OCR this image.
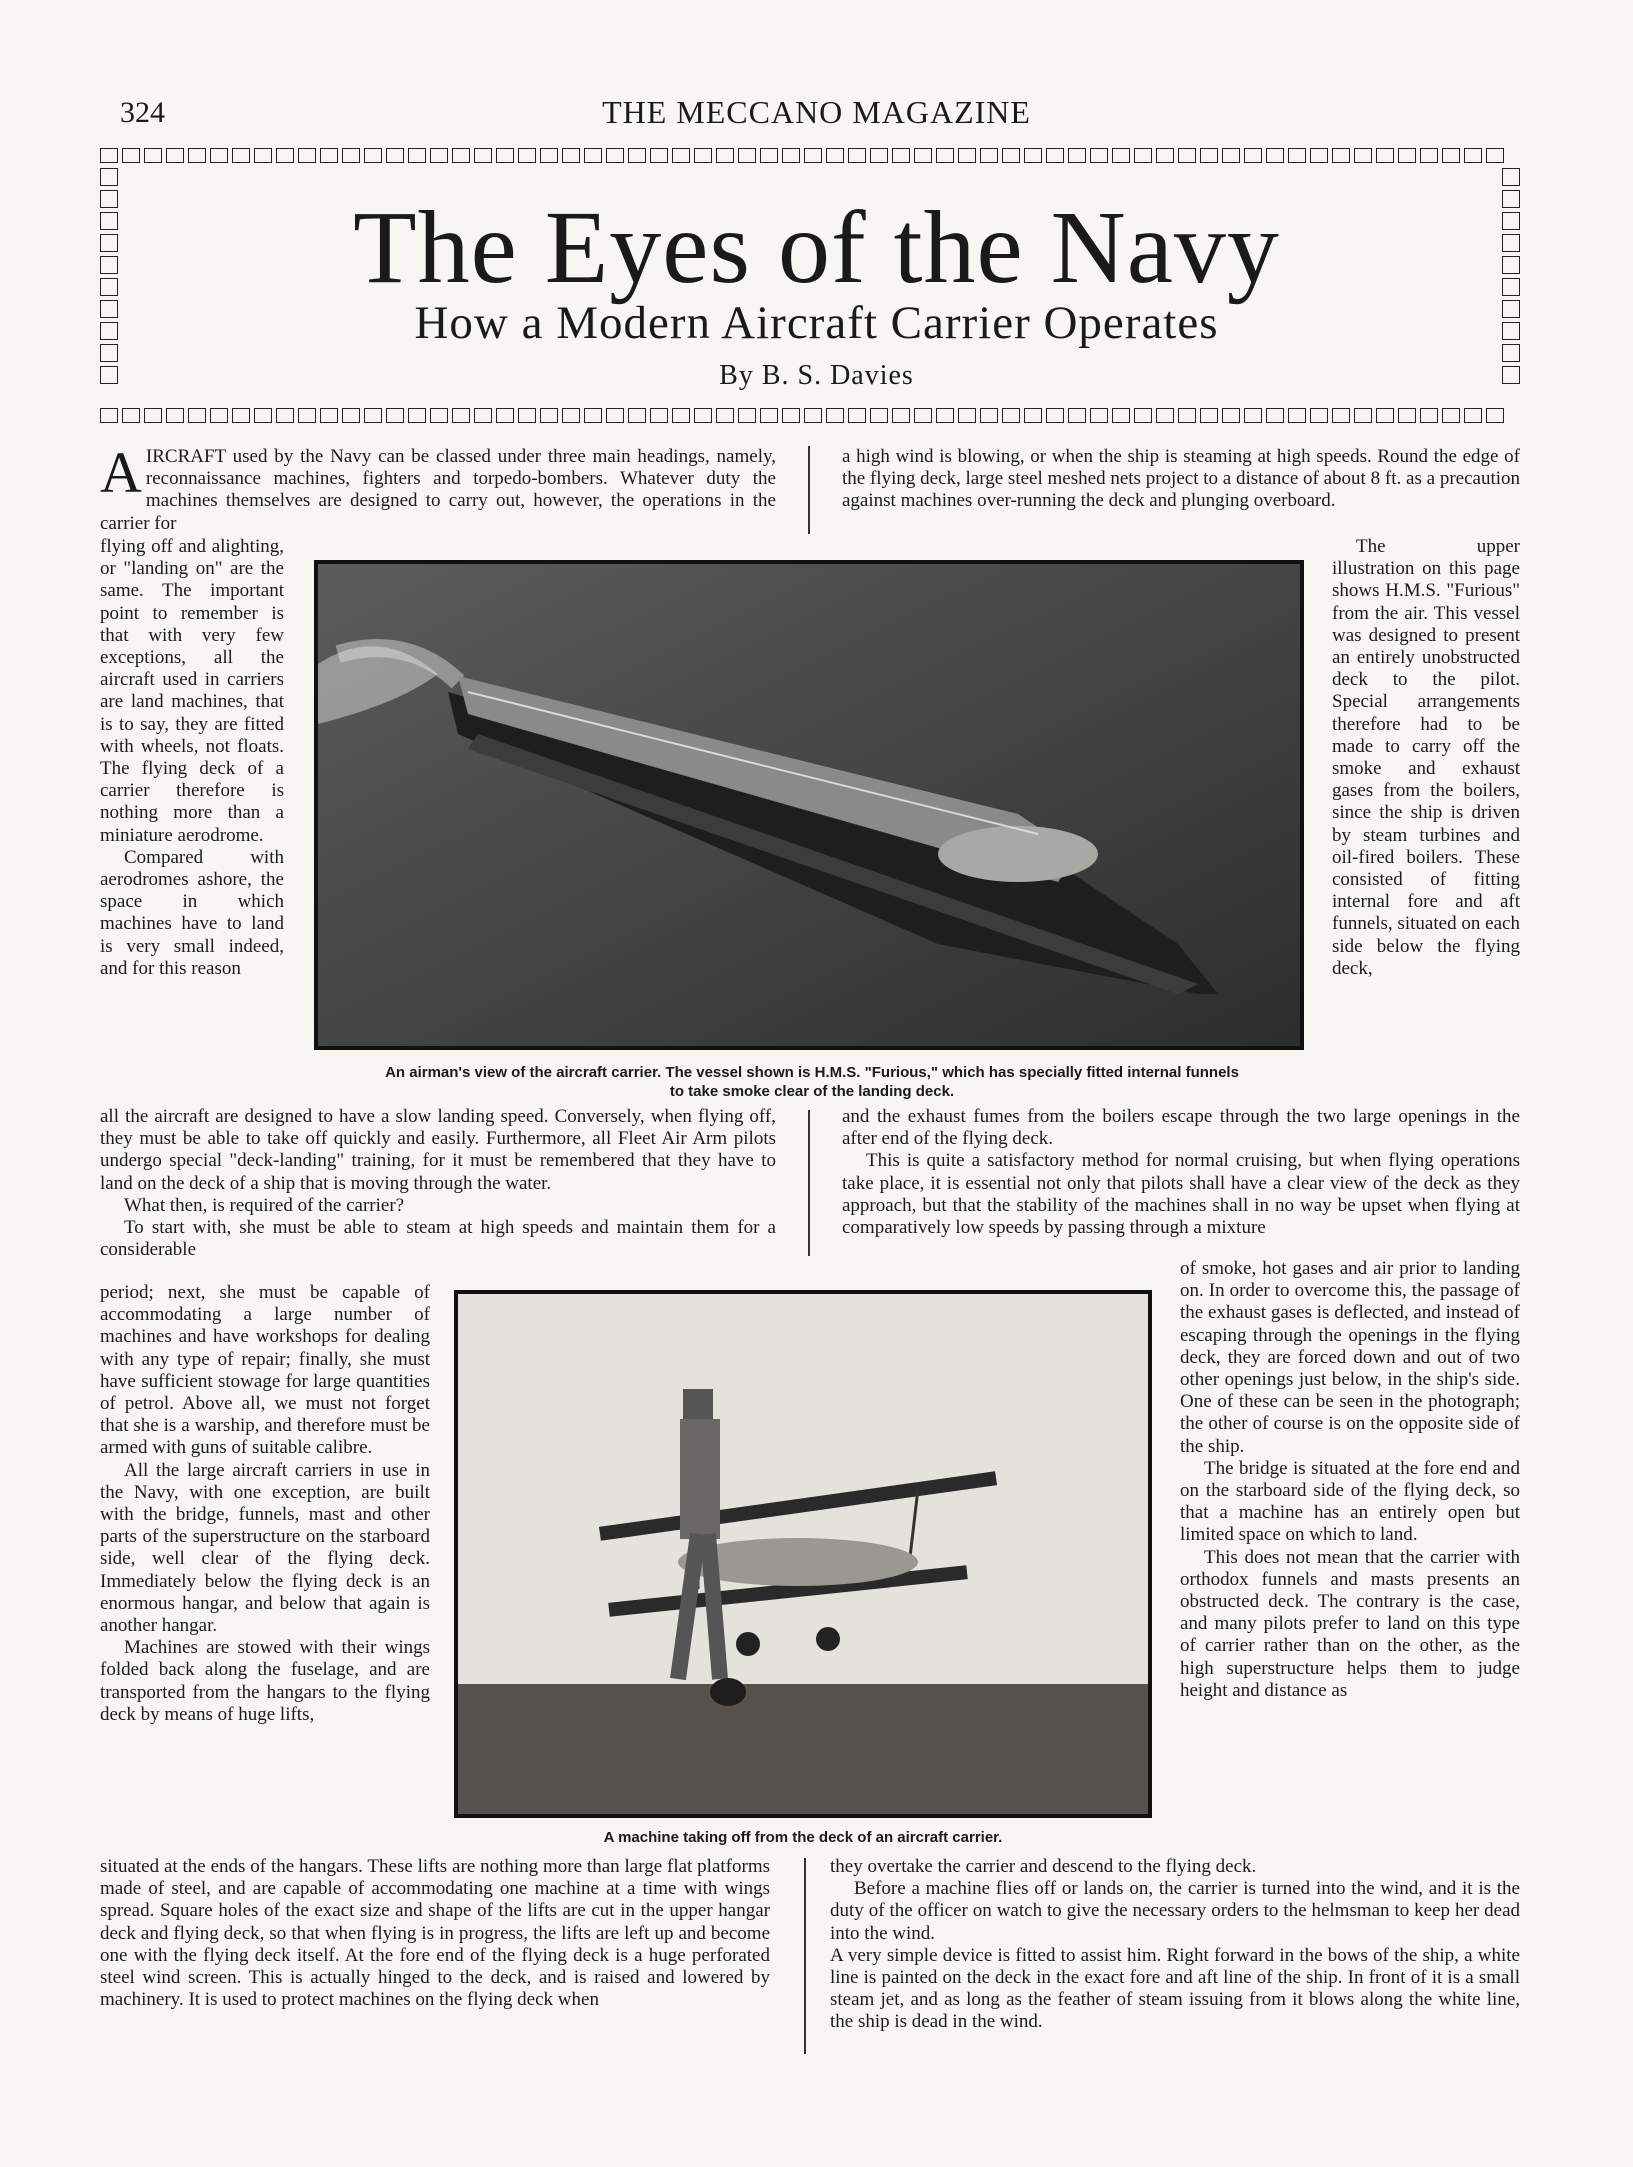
324	THE MECCANO MAGAZINE
The Eyes of the Navy
How a Modern Aircraft Carrier Operates
By B. S. Davies

AIRCRAFT used by the Navy can be classed under three main headings, namely, reconnaissance machines, fighters and torpedo-bombers. Whatever duty the machines themselves are designed to carry out, however, the operations in the carrier for

flying off and alighting, or "landing on" are the same. The important point to remember is that with very few exceptions, all the aircraft used in carriers are land machines, that is to say, they are fitted with wheels, not floats. The flying deck of a carrier therefore is nothing more than a miniature aerodrome.

Compared with aerodromes ashore, the space in which machines have to land is very small indeed, and for this reason

a high wind is blowing, or when the ship is steaming at high speeds. Round the edge of the flying deck, large steel meshed nets project to a distance of about 8 ft. as a precaution against machines over-running the deck and plunging overboard.

An airman's view of the aircraft carrier. The vessel shown is H.M.S. "Furious," which has specially fitted internal funnels
to take smoke clear of the landing deck.

The upper illustration on this page shows H.M.S. "Furious" from the air. This vessel was designed to present an entirely unobstructed deck to the pilot. Special arrangements therefore had to be made to carry off the smoke and exhaust gases from the boilers, since the ship is driven by steam turbines and oil-fired boilers. These consisted of fitting internal fore and aft funnels, situated on each side below the flying deck,

all the aircraft are designed to have a slow landing speed. Conversely, when flying off, they must be able to take off quickly and easily. Furthermore, all Fleet Air Arm pilots undergo special "deck-landing" training, for it must be remembered that they have to land on the deck of a ship that is moving through the water.

What then, is required of the carrier?

To start with, she must be able to steam at high speeds and maintain them for a considerable

and the exhaust fumes from the boilers escape through the two large openings in the after end of the flying deck.

This is quite a satisfactory method for normal cruising, but when flying operations take place, it is essential not only that pilots shall have a clear view of the deck as they approach, but that the stability of the machines shall in no way be upset when flying at comparatively low speeds by passing through a mixture

period; next, she must be capable of accommodating a large number of machines and have workshops for dealing with any type of repair; finally, she must have sufficient stowage for large quantities of petrol. Above all, we must not forget that she is a warship, and therefore must be armed with guns of suitable calibre.

All the large aircraft carriers in use in the Navy, with one exception, are built with the bridge, funnels, mast and other parts of the superstructure on the starboard side, well clear of the flying deck. Immediately below the flying deck is an enormous hangar, and below that again is another hangar.

Machines are stowed with their wings folded back along the fuselage, and are transported from the hangars to the flying deck by means of huge lifts,

A machine taking off from the deck of an aircraft carrier.

of smoke, hot gases and air prior to landing on. In order to overcome this, the passage of the exhaust gases is deflected, and instead of escaping through the openings in the flying deck, they are forced down and out of two other openings just below, in the ship's side. One of these can be seen in the photograph; the other of course is on the opposite side of the ship.

The bridge is situated at the fore end and on the starboard side of the flying deck, so that a machine has an entirely open but limited space on which to land.

This does not mean that the carrier with orthodox funnels and masts presents an obstructed deck. The contrary is the case, and many pilots prefer to land on this type of carrier rather than on the other, as the high superstructure helps them to judge height and distance as

situated at the ends of the hangars. These lifts are nothing more than large flat platforms made of steel, and are capable of accommodating one machine at a time with wings spread. Square holes of the exact size and shape of the lifts are cut in the upper hangar deck and flying deck, so that when flying is in progress, the lifts are left up and become one with the flying deck itself. At the fore end of the flying deck is a huge perforated steel wind screen. This is actually hinged to the deck, and is raised and lowered by machinery. It is used to protect machines on the flying deck when

they overtake the carrier and descend to the flying deck.

Before a machine flies off or lands on, the carrier is turned into the wind, and it is the duty of the officer on watch to give the necessary orders to the helmsman to keep her dead into the wind.

A very simple device is fitted to assist him. Right forward in the bows of the ship, a white line is painted on the deck in the exact fore and aft line of the ship. In front of it is a small steam jet, and as long as the feather of steam issuing from it blows along the white line, the ship is dead in the wind.
